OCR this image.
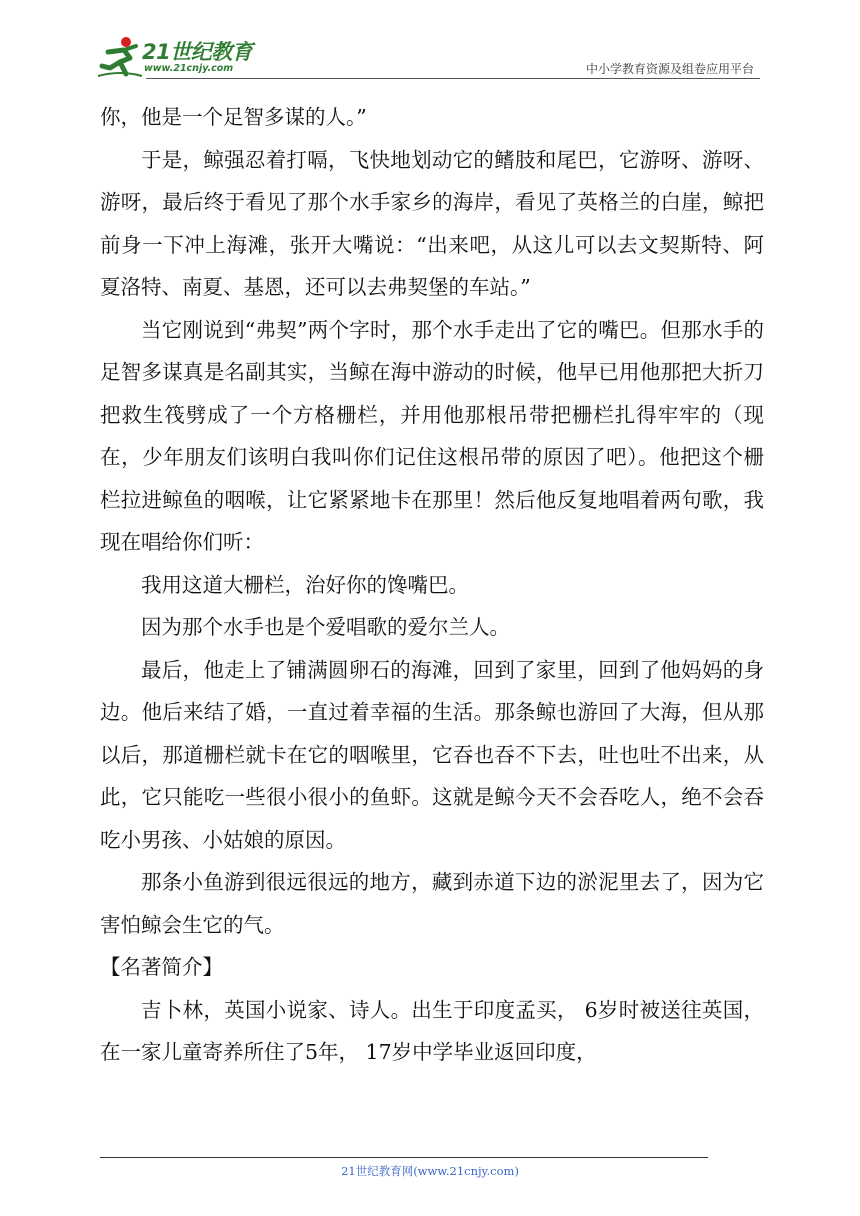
21世纪教育
www.21cnjy.com	中小学教育资源及组卷应用平台

你，他是一个足智多谋的人。”

于是，鲸强忍着打嗝，飞快地划动它的鳍肢和尾巴，它游呀、游呀、游呀，最后终于看见了那个水手家乡的海岸，看见了英格兰的白崖，鲸把前身一下冲上海滩，张开大嘴说：“出来吧，从这儿可以去文契斯特、阿夏洛特、南夏、基恩，还可以去弗契堡的车站。”

当它刚说到“弗契”两个字时，那个水手走出了它的嘴巴。但那水手的足智多谋真是名副其实，当鲸在海中游动的时候，他早已用他那把大折刀把救生筏劈成了一个方格栅栏，并用他那根吊带把栅栏扎得牢牢的（现在，少年朋友们该明白我叫你们记住这根吊带的原因了吧）。他把这个栅栏拉进鲸鱼的咽喉，让它紧紧地卡在那里！然后他反复地唱着两句歌，我现在唱给你们听：

我用这道大栅栏，治好你的馋嘴巴。

因为那个水手也是个爱唱歌的爱尔兰人。

最后，他走上了铺满圆卵石的海滩，回到了家里，回到了他妈妈的身边。他后来结了婚，一直过着幸福的生活。那条鲸也游回了大海，但从那以后，那道栅栏就卡在它的咽喉里，它吞也吞不下去，吐也吐不出来，从此，它只能吃一些很小很小的鱼虾。这就是鲸今天不会吞吃人，绝不会吞吃小男孩、小姑娘的原因。

那条小鱼游到很远很远的地方，藏到赤道下边的淤泥里去了，因为它害怕鲸会生它的气。

【名著简介】

吉卜林，英国小说家、诗人。出生于印度孟买， 6岁时被送往英国，在一家儿童寄养所住了5年， 17岁中学毕业返回印度，

21世纪教育网(www.21cnjy.com)
